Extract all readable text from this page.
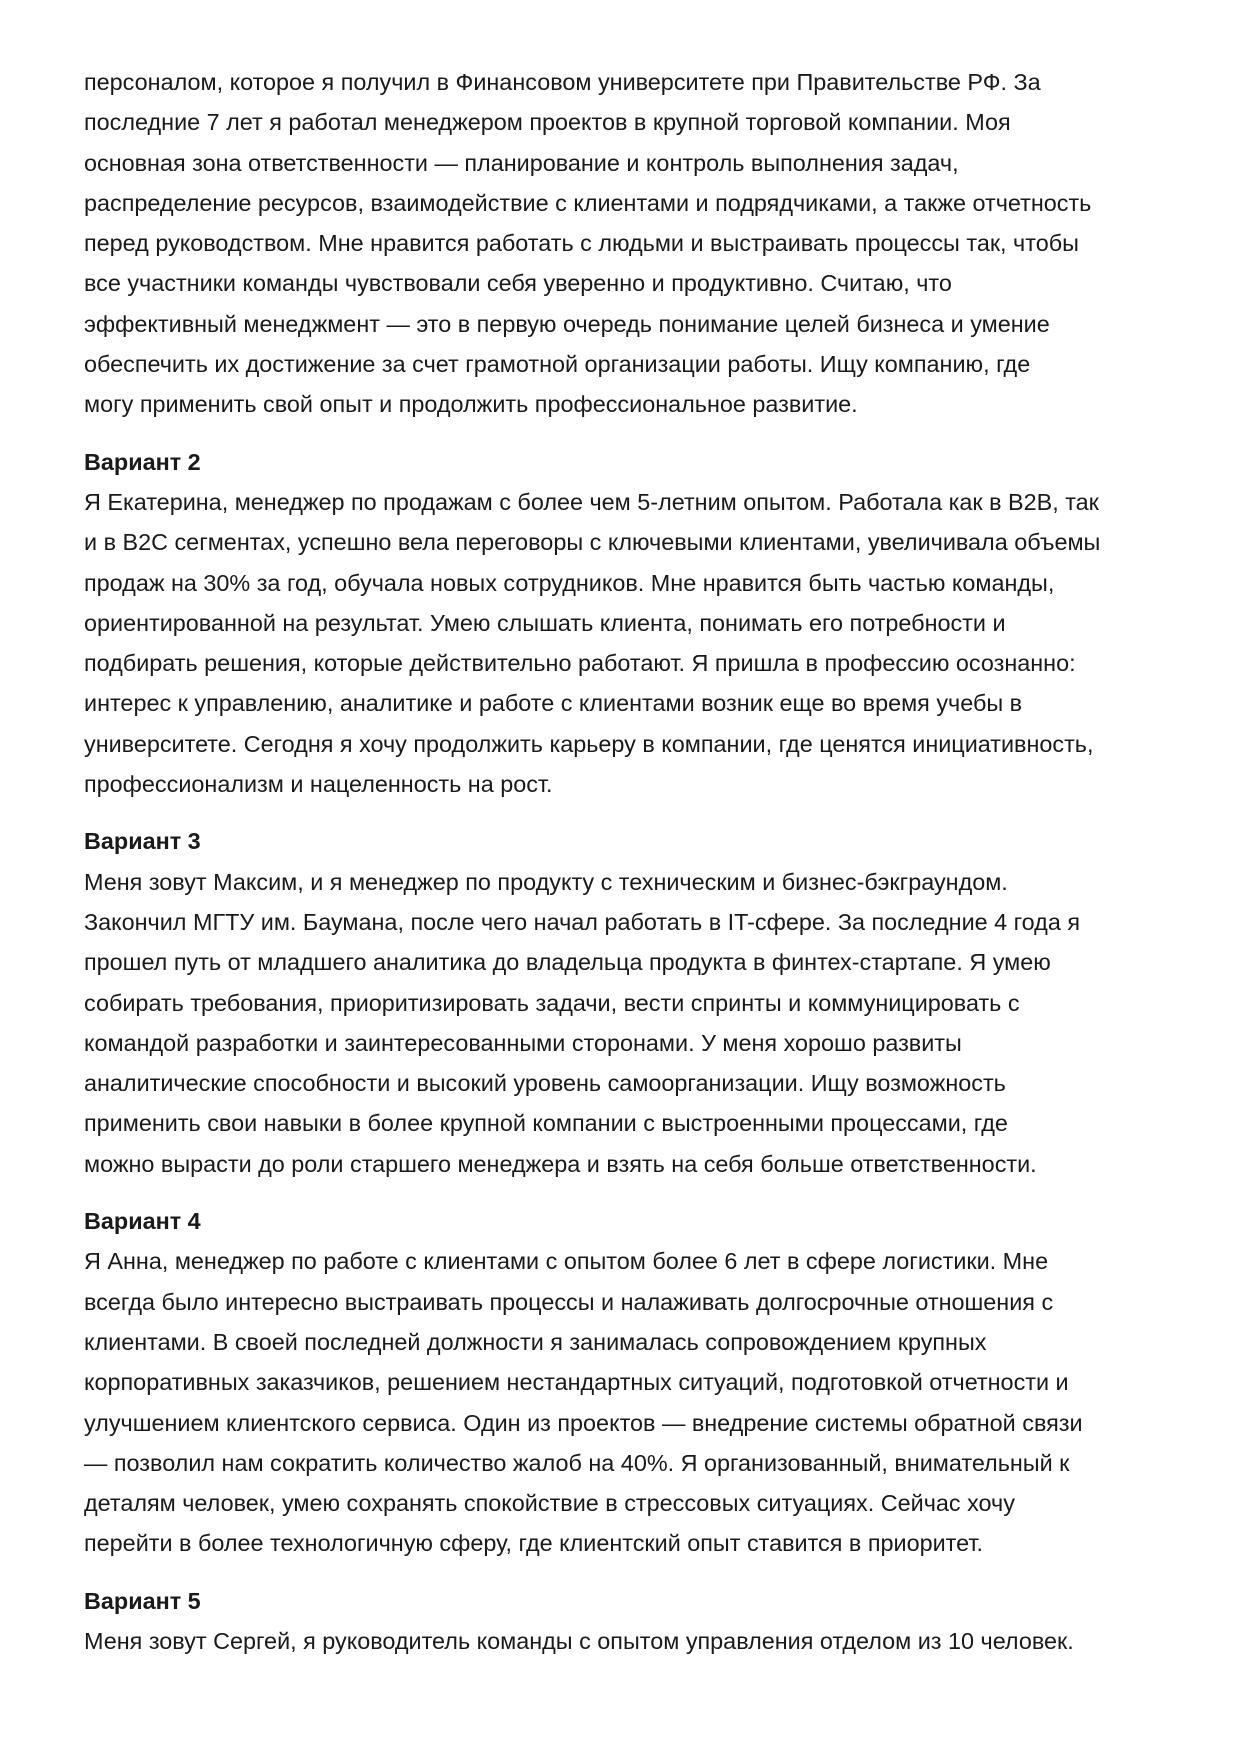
персоналом, которое я получил в Финансовом университете при Правительстве РФ. За
последние 7 лет я работал менеджером проектов в крупной торговой компании. Моя
основная зона ответственности — планирование и контроль выполнения задач,
распределение ресурсов, взаимодействие с клиентами и подрядчиками, а также отчетность
перед руководством. Мне нравится работать с людьми и выстраивать процессы так, чтобы
все участники команды чувствовали себя уверенно и продуктивно. Считаю, что
эффективный менеджмент — это в первую очередь понимание целей бизнеса и умение
обеспечить их достижение за счет грамотной организации работы. Ищу компанию, где
могу применить свой опыт и продолжить профессиональное развитие.

Вариант 2

Я Екатерина, менеджер по продажам с более чем 5-летним опытом. Работала как в B2B, так
и в B2C сегментах, успешно вела переговоры с ключевыми клиентами, увеличивала объемы
продаж на 30% за год, обучала новых сотрудников. Мне нравится быть частью команды,
ориентированной на результат. Умею слышать клиента, понимать его потребности и
подбирать решения, которые действительно работают. Я пришла в профессию осознанно:
интерес к управлению, аналитике и работе с клиентами возник еще во время учебы в
университете. Сегодня я хочу продолжить карьеру в компании, где ценятся инициативность,
профессионализм и нацеленность на рост.

Вариант 3

Меня зовут Максим, и я менеджер по продукту с техническим и бизнес-бэкграундом.
Закончил МГТУ им. Баумана, после чего начал работать в IT-сфере. За последние 4 года я
прошел путь от младшего аналитика до владельца продукта в финтех-стартапе. Я умею
собирать требования, приоритизировать задачи, вести спринты и коммуницировать с
командой разработки и заинтересованными сторонами. У меня хорошо развиты
аналитические способности и высокий уровень самоорганизации. Ищу возможность
применить свои навыки в более крупной компании с выстроенными процессами, где
можно вырасти до роли старшего менеджера и взять на себя больше ответственности.

Вариант 4

Я Анна, менеджер по работе с клиентами с опытом более 6 лет в сфере логистики. Мне
всегда было интересно выстраивать процессы и налаживать долгосрочные отношения с
клиентами. В своей последней должности я занималась сопровождением крупных
корпоративных заказчиков, решением нестандартных ситуаций, подготовкой отчетности и
улучшением клиентского сервиса. Один из проектов — внедрение системы обратной связи
— позволил нам сократить количество жалоб на 40%. Я организованный, внимательный к
деталям человек, умею сохранять спокойствие в стрессовых ситуациях. Сейчас хочу
перейти в более технологичную сферу, где клиентский опыт ставится в приоритет.

Вариант 5

Меня зовут Сергей, я руководитель команды с опытом управления отделом из 10 человек.
